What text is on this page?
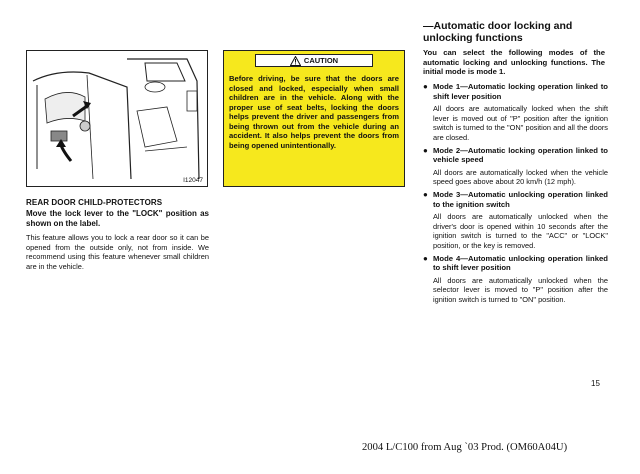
I12047
REAR DOOR CHILD-PROTECTORS
Move the lock lever to the "LOCK" position as shown on the label.
This feature allows you to lock a rear door so it can be opened from the outside only, not from inside. We recommend using this feature whenever small children are in the vehicle.
CAUTION
Before driving, be sure that the doors are closed and locked, especially when small children are in the vehicle. Along with the proper use of seat belts, locking the doors helps prevent the driver and passengers from being thrown out from the vehicle during an accident. It also helps prevent the doors from being opened unintentionally.
—Automatic door locking and unlocking functions
You can select the following modes of the automatic locking and unlocking functions. The initial mode is mode 1.
● Mode 1—Automatic locking operation linked to shift lever position
All doors are automatically locked when the shift lever is moved out of "P" position after the ignition switch is turned to the "ON" position and all the doors are closed.
● Mode 2—Automatic locking operation linked to vehicle speed
All doors are automatically locked when the vehicle speed goes above about 20 km/h (12 mph).
● Mode 3—Automatic unlocking operation linked to the ignition switch
All doors are automatically unlocked when the driver's door is opened within 10 seconds after the ignition switch is turned to the "ACC" or "LOCK" position, or the key is removed.
● Mode 4—Automatic unlocking operation linked to shift lever position
All doors are automatically unlocked when the selector lever is moved to "P" position after the ignition switch is turned to "ON" position.
15
2004 L/C100 from Aug `03 Prod. (OM60A04U)
